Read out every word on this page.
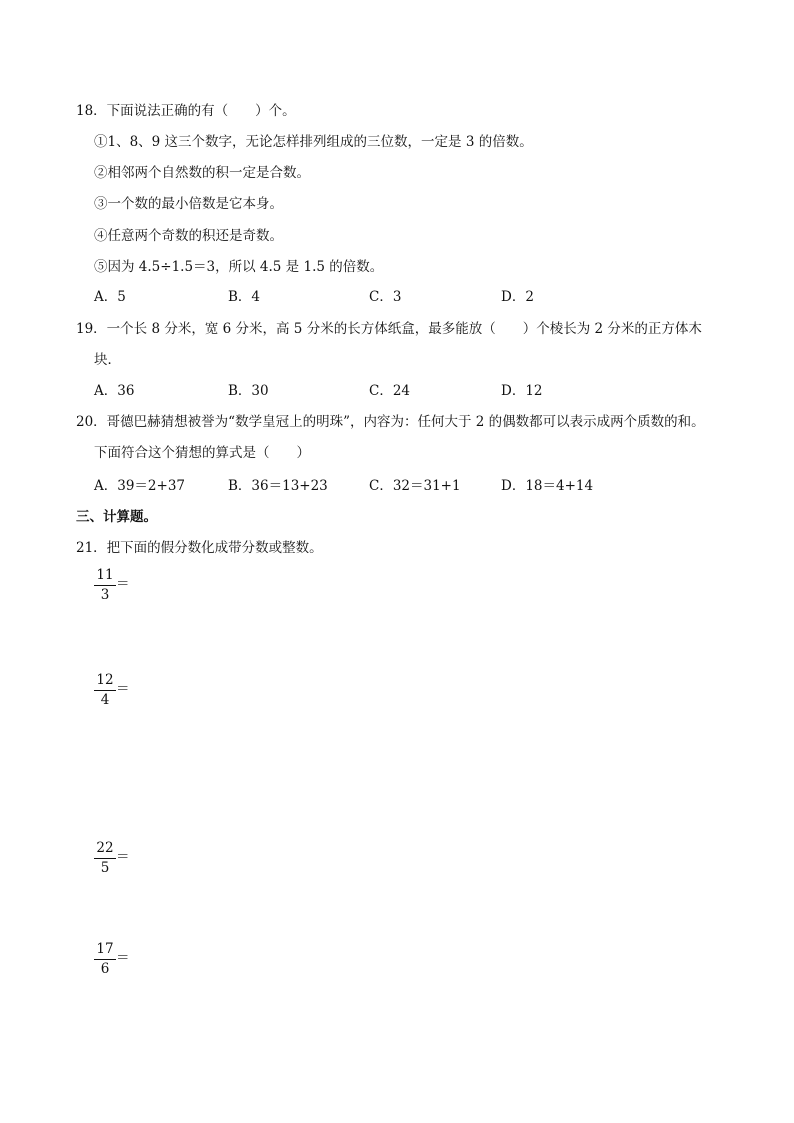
18．下面说法正确的有（　　）个。
①1、8、9 这三个数字，无论怎样排列组成的三位数，一定是 3 的倍数。
②相邻两个自然数的积一定是合数。
③一个数的最小倍数是它本身。
④任意两个奇数的积还是奇数。
⑤因为 4.5÷1.5＝3，所以 4.5 是 1.5 的倍数。
A．5	B．4	C．3	D．2
19．一个长 8 分米，宽 6 分米，高 5 分米的长方体纸盒，最多能放（　　）个棱长为 2 分米的正方体木
块．
A．36	B．30	C．24	D．12
20．哥德巴赫猜想被誉为“数学皇冠上的明珠”，内容为：任何大于 2 的偶数都可以表示成两个质数的和。
下面符合这个猜想的算式是（　　）
A．39＝2+37	B．36＝13+23	C．32＝31+1	D．18＝4+14
三、计算题。
21．把下面的假分数化成带分数或整数。
11
3
＝
12
4
＝
22
5
＝
17
6
＝
